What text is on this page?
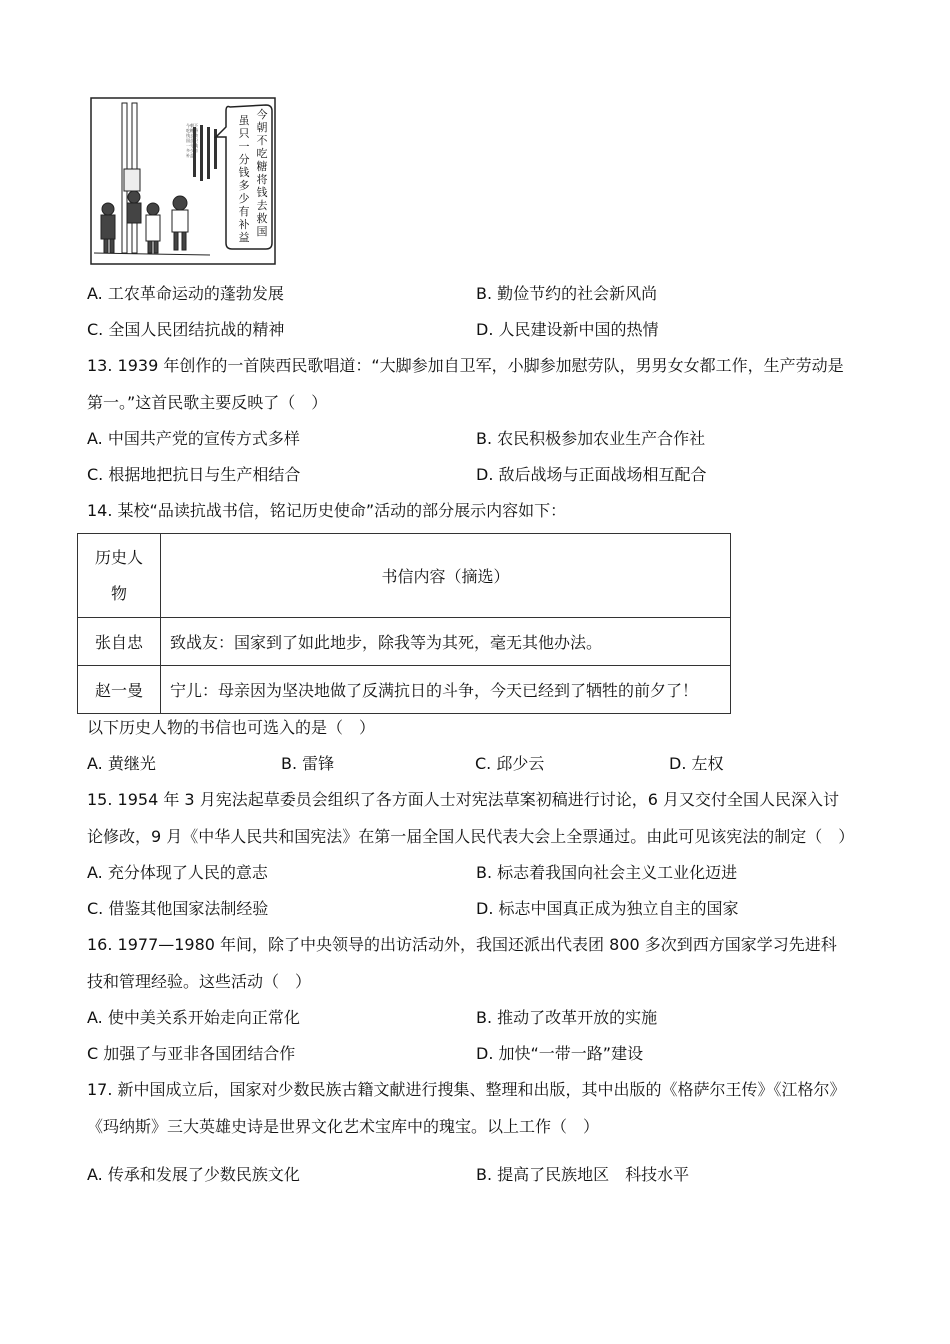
今
朝
不
吃
糖
将
钱
去
救
国
虽
只
一
分
钱
多
少
有
补
益
A. 工农革命运动的蓬勃发展	B. 勤俭节约的社会新风尚
C. 全国人民团结抗战的精神	D. 人民建设新中国的热情
13. 1939 年创作的一首陕西民歌唱道：“大脚参加自卫军，小脚参加慰劳队，男男女女都工作，生产劳动是
第一。”这首民歌主要反映了（　）
A. 中国共产党的宣传方式多样	B. 农民积极参加农业生产合作社
C. 根据地把抗日与生产相结合	D. 敌后战场与正面战场相互配合
14. 某校“品读抗战书信，铭记历史使命”活动的部分展示内容如下：
历史人
物	书信内容（摘选）
张自忠	致战友：国家到了如此地步，除我等为其死，毫无其他办法。
赵一曼	宁儿：母亲因为坚决地做了反满抗日的斗争，今天已经到了牺牲的前夕了！
以下历史人物的书信也可选入的是（　）
A. 黄继光	B. 雷锋	C. 邱少云	D. 左权
15. 1954 年 3 月宪法起草委员会组织了各方面人士对宪法草案初稿进行讨论，6 月又交付全国人民深入讨
论修改，9 月《中华人民共和国宪法》在第一届全国人民代表大会上全票通过。由此可见该宪法的制定（　）
A. 充分体现了人民的意志	B. 标志着我国向社会主义工业化迈进
C. 借鉴其他国家法制经验	D. 标志中国真正成为独立自主的国家
16. 1977—1980 年间，除了中央领导的出访活动外，我国还派出代表团 800 多次到西方国家学习先进科
技和管理经验。这些活动（　）
A. 使中美关系开始走向正常化	B. 推动了改革开放的实施
C 加强了与亚非各国团结合作	D. 加快“一带一路”建设
17. 新中国成立后，国家对少数民族古籍文献进行搜集、整理和出版，其中出版的《格萨尔王传》《江格尔》
《玛纳斯》三大英雄史诗是世界文化艺术宝库中的瑰宝。以上工作（　）
A. 传承和发展了少数民族文化	B. 提高了民族地区　科技水平
今朝不吃糖将钱去救国虽只一分钱多少有补益
